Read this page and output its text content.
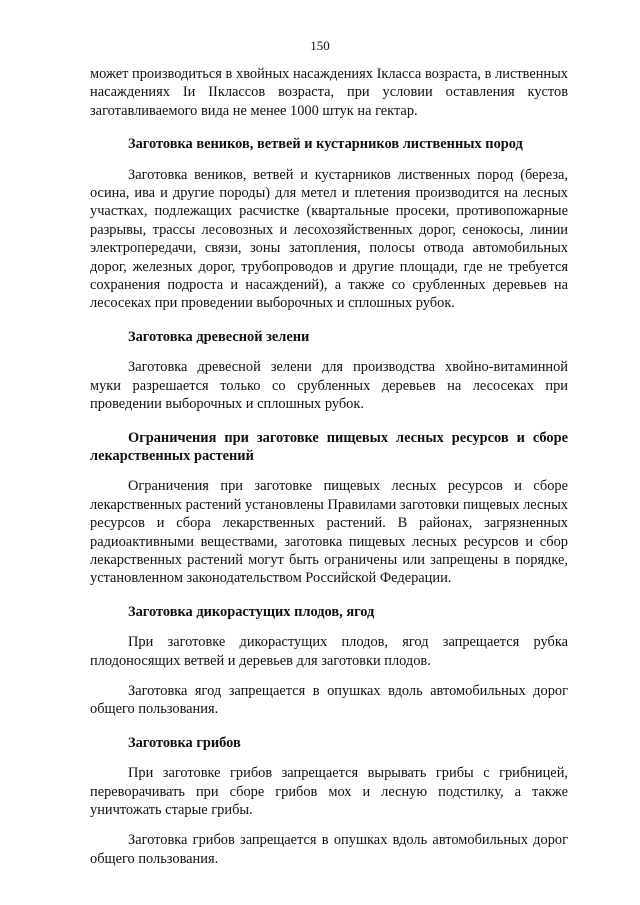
150

может производиться в хвойных насаждениях Iкласса возраста, в лиственных насаждениях Iи IIклассов возраста, при условии оставления кустов заготавливаемого вида не менее 1000 штук на гектар.

Заготовка веников, ветвей и кустарников лиственных пород

Заготовка веников, ветвей и кустарников лиственных пород (береза, осина, ива и другие породы) для метел и плетения производится на лесных участках, подлежащих расчистке (квартальные просеки, противопожарные разрывы, трассы лесовозных и лесохозяйственных дорог, сенокосы, линии электропередачи, связи, зоны затопления, полосы отвода автомобильных дорог, железных дорог, трубопроводов и другие площади, где не требуется сохранения подроста и насаждений), а также со срубленных деревьев на лесосеках при проведении выборочных и сплошных рубок.

Заготовка древесной зелени

Заготовка древесной зелени для производства хвойно-витаминной муки разрешается только со срубленных деревьев на лесосеках при проведении выборочных и сплошных рубок.

Ограничения при заготовке пищевых лесных ресурсов и сборе лекарственных растений

Ограничения при заготовке пищевых лесных ресурсов и сборе лекарственных растений установлены Правилами заготовки пищевых лесных ресурсов и сбора лекарственных растений. В районах, загрязненных радиоактивными веществами, заготовка пищевых лесных ресурсов и сбор лекарственных растений могут быть ограничены или запрещены в порядке, установленном законодательством Российской Федерации.

Заготовка дикорастущих плодов, ягод

При заготовке дикорастущих плодов, ягод запрещается рубка плодоносящих ветвей и деревьев для заготовки плодов.

Заготовка ягод запрещается в опушках вдоль автомобильных дорог общего пользования.

Заготовка грибов

При заготовке грибов запрещается вырывать грибы с грибницей, переворачивать при сборе грибов мох и лесную подстилку, а также уничтожать старые грибы.

Заготовка грибов запрещается в опушках вдоль автомобильных дорог общего пользования.
